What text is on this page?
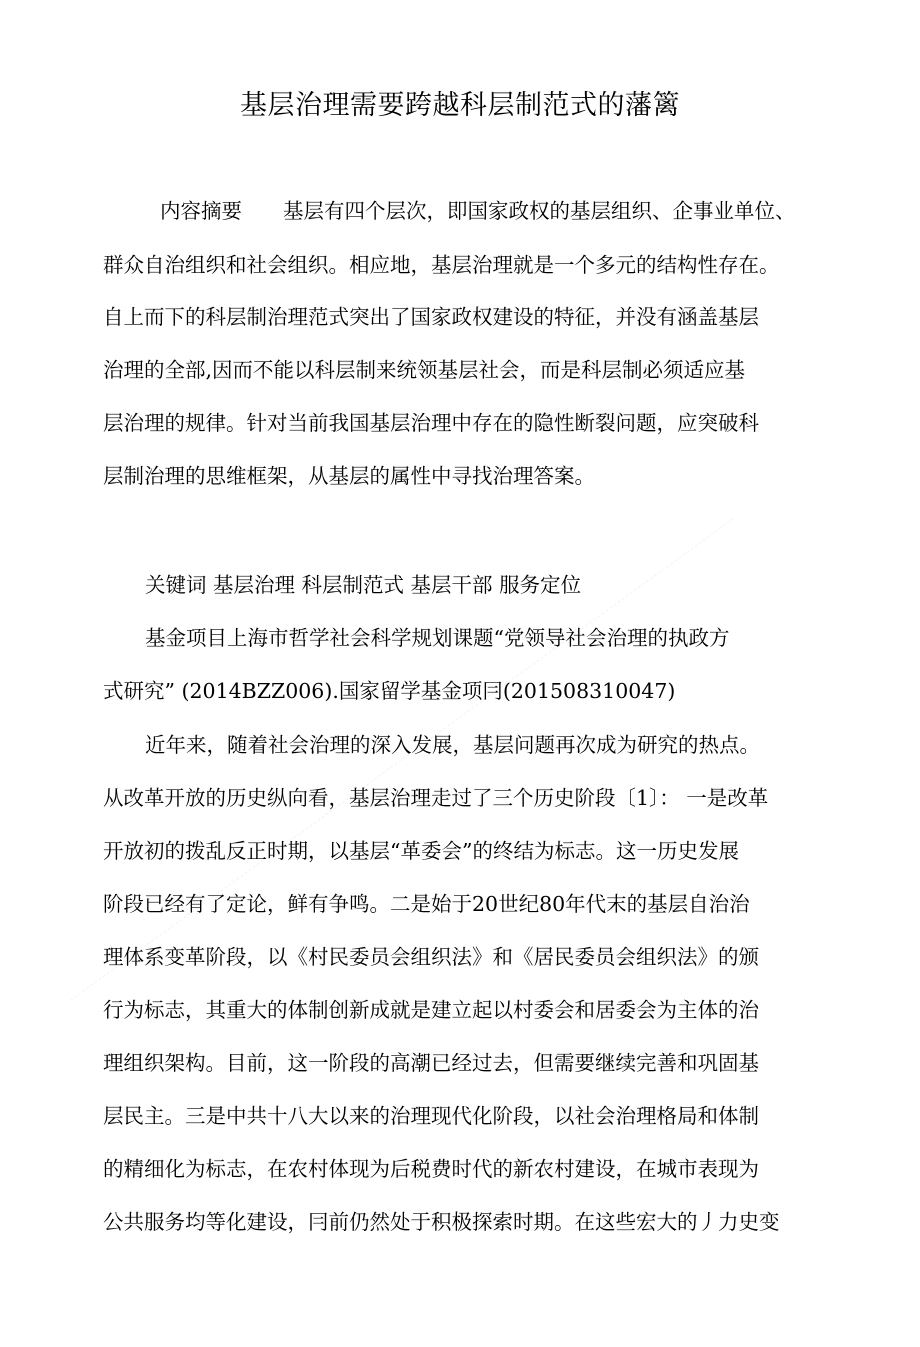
基层治理需要跨越科层制范式的藩篱
内容摘要　　基层有四个层次，即国家政权的基层组织、企事业单位、
群众自治组织和社会组织。相应地，基层治理就是一个多元的结构性存在。
自上而下的科层制治理范式突出了国家政权建设的特征，并没有涵盖基层
治理的全部,因而不能以科层制来统领基层社会，而是科层制必须适应基
层治理的规律。针对当前我国基层治理中存在的隐性断裂问题，应突破科
层制治理的思维框架，从基层的属性中寻找治理答案。
关键词 基层治理 科层制范式 基层干部 服务定位
基金项目上海市哲学社会科学规划课题“党领导社会治理的执政方
式研究” (2014BZZ006).国家留学基金项冃(201508310047)
近年来，随着社会治理的深入发展，基层问题再次成为研究的热点。
从改革开放的历史纵向看，基层治理走过了三个历史阶段〔1〕： 一是改革
开放初的拨乱反正时期，以基层“革委会”的终结为标志。这一历史发展
阶段已经有了定论，鲜有争鸣。二是始于20世纪80年代末的基层自治治
理体系变革阶段，以《村民委员会组织法》和《居民委员会组织法》的颁
行为标志，其重大的体制创新成就是建立起以村委会和居委会为主体的治
理组织架构。目前，这一阶段的高潮已经过去，但需要继续完善和巩固基
层民主。三是中共十八大以来的治理现代化阶段，以社会治理格局和体制
的精细化为标志，在农村体现为后税费时代的新农村建设，在城市表现为
公共服务均等化建设，冃前仍然处于积极探索时期。在这些宏大的丿力史变
